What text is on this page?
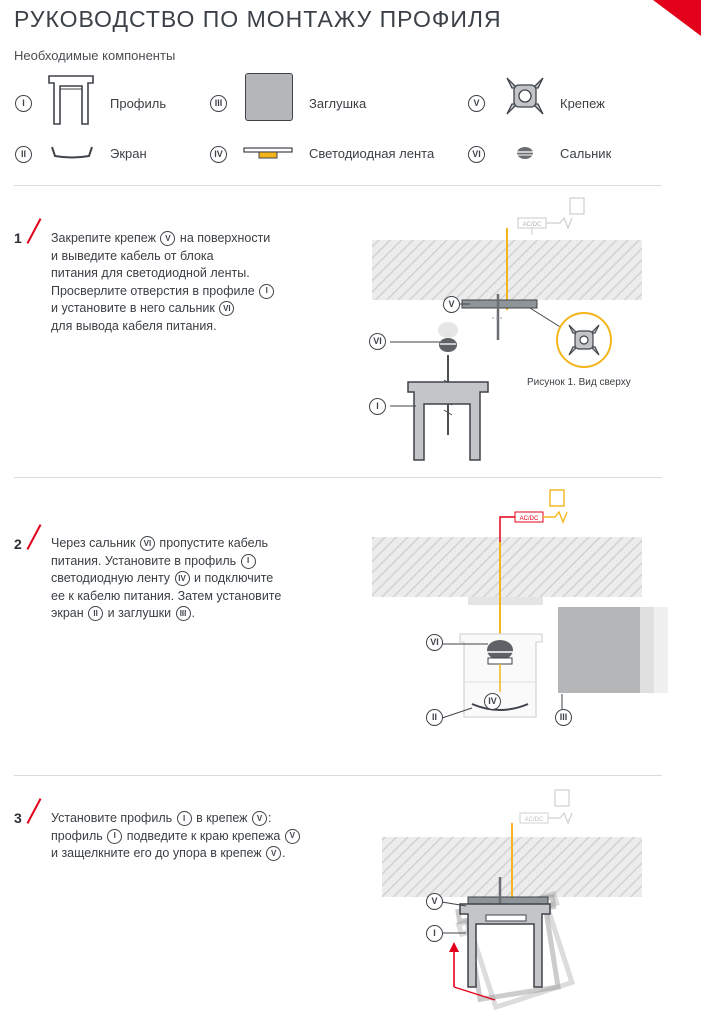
РУКОВОДСТВО ПО МОНТАЖУ ПРОФИЛЯ
Необходимые компоненты
I	Профиль
II	Экран
III	Заглушка
IV	Светодиодная лента
V	Крепеж
VI	Сальник
1 Закрепите крепеж V на поверхности
и выведите кабель от блока
питания для светодиодной ленты.
Просверлите отверстия в профиле I
и установите в него сальник VI
для вывода кабеля питания.
AC/DC
V
VI
I
Рисунок 1. Вид сверху
2 Через сальник VI пропустите кабель
питания. Установите в профиль I
светодиодную ленту IV и подключите
ее к кабелю питания. Затем установите
экран II и заглушки III .
AC/DC
VI
IV
II	III
3 Установите профиль I в крепеж V :
профиль I подведите к краю крепежа V
и защелкните его до упора в крепеж V .
AC/DC
V
I
